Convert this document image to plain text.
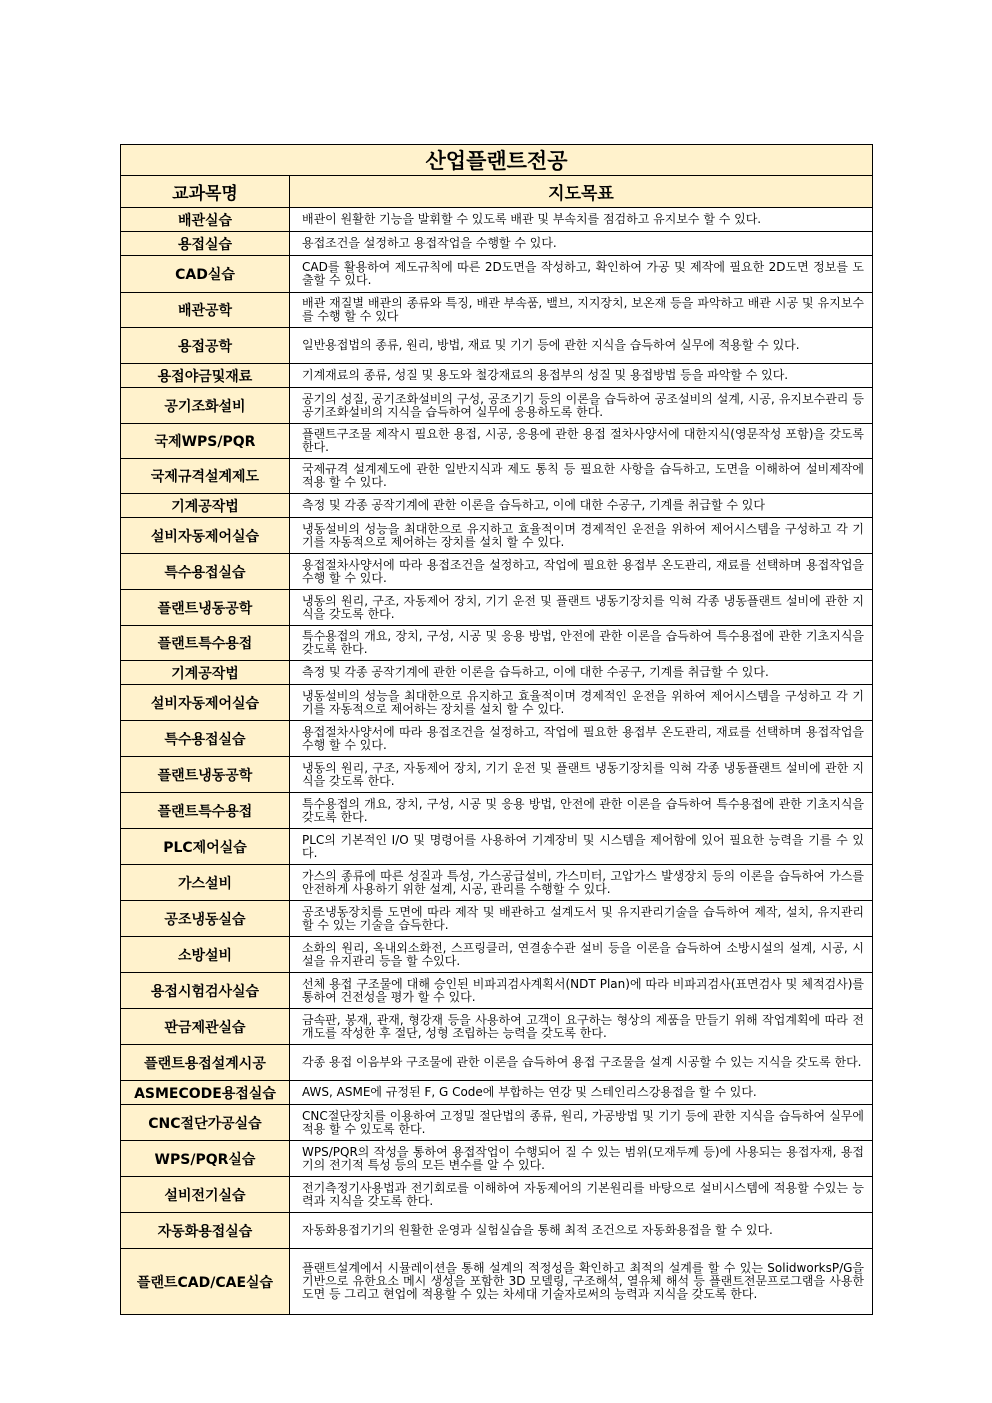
산업플랜트전공	
교과목명	지도목표
배관실습	배관이 원활한 기능을 발휘할 수 있도록 배관 및 부속치를 점검하고 유지보수 할 수 있다.
용접실습	용접조건을 설정하고 용접작업을 수행할 수 있다.
CAD실습	CAD를 활용하여 제도규칙에 따른 2D도면을 작성하고, 확인하여 가공 및 제작에 필요한 2D도면 정보를 도출할 수 있다.
배관공학	배관 재질별 배관의 종류와 특징, 배관 부속품, 밸브, 지지장치, 보온재 등을 파악하고 배관 시공 및 유지보수를 수행 할 수 있다
용접공학	일반용접법의 종류, 원리, 방법, 재료 및 기기 등에 관한 지식을 습득하여 실무에 적용할 수 있다.
용접야금및재료	기계재료의 종류, 성질 및 용도와 철강재료의 용접부의 성질 및 용접방법 등을 파악할 수 있다.
공기조화설비	공기의 성질, 공기조화설비의 구성, 공조기기 등의 이론을 습득하여 공조설비의 설계, 시공, 유지보수관리 등 공기조화설비의 지식을 습득하여 실무에 응용하도록 한다.
국제WPS/PQR	플랜트구조물 제작시 필요한 용접, 시공, 응용에 관한 용접 절차사양서에 대한지식(영문작성 포함)을 갖도록 한다.
국제규격설계제도	국제규격 설계제도에 관한 일반지식과 제도 통칙 등 필요한 사항을 습득하고, 도면을 이해하여 설비제작에 적용 할 수 있다.
기계공작법	측정 및 각종 공작기계에 관한 이론을 습득하고, 이에 대한 수공구, 기계를 취급할 수 있다
설비자동제어실습	냉동설비의 성능을 최대한으로 유지하고 효율적이며 경제적인 운전을 위하여 제어시스템을 구성하고 각 기기를 자동적으로 제어하는 장치를 설치 할 수 있다.
특수용접실습	용접절차사양서에 따라 용접조건을 설정하고, 작업에 필요한 용접부 온도관리, 재료를 선택하며 용접작업을 수행 할 수 있다.
플랜트냉동공학	냉동의 원리, 구조, 자동제어 장치, 기기 운전 및 플랜트 냉동기장치를 익혀 각종 냉동플랜트 설비에 관한 지식을 갖도록 한다.
플랜트특수용접	특수용접의 개요, 장치, 구성, 시공 및 응용 방법, 안전에 관한 이론을 습득하여 특수용접에 관한 기초지식을 갖도록 한다.
기계공작법	측정 및 각종 공작기계에 관한 이론을 습득하고, 이에 대한 수공구, 기계를 취급할 수 있다.
설비자동제어실습	냉동설비의 성능을 최대한으로 유지하고 효율적이며 경제적인 운전을 위하여 제어시스템을 구성하고 각 기기를 자동적으로 제어하는 장치를 설치 할 수 있다.
특수용접실습	용접절차사양서에 따라 용접조건을 설정하고, 작업에 필요한 용접부 온도관리, 재료를 선택하며 용접작업을 수행 할 수 있다.
플랜트냉동공학	냉동의 원리, 구조, 자동제어 장치, 기기 운전 및 플랜트 냉동기장치를 익혀 각종 냉동플랜트 설비에 관한 지식을 갖도록 한다.
플랜트특수용접	특수용접의 개요, 장치, 구성, 시공 및 응용 방법, 안전에 관한 이론을 습득하여 특수용접에 관한 기초지식을 갖도록 한다.
PLC제어실습	PLC의 기본적인 I/O 및 명령어를 사용하여 기계장비 및 시스템을 제어함에 있어 필요한 능력을 기를 수 있다.
가스설비	가스의 종류에 따른 성질과 특성, 가스공급설비, 가스미터, 고압가스 발생장치 등의 이론을 습득하여 가스를 안전하게 사용하기 위한 설계, 시공, 관리를 수행할 수 있다.
공조냉동실습	공조냉동장치를 도면에 따라 제작 및 배관하고 설계도서 및 유지관리기술을 습득하여 제작, 설치, 유지관리할 수 있는 기술을 습득한다.
소방설비	소화의 원리, 옥내외소화전, 스프링클러, 연결송수관 설비 등을 이론을 습득하여 소방시설의 설계, 시공, 시설을 유지관리 등을 할 수있다.
용접시험검사실습	선체 용접 구조물에 대해 승인된 비파괴검사계획서(NDT Plan)에 따라 비파괴검사(표면검사 및 체적검사)를 통하여 건전성을 평가 할 수 있다.
판금제관실습	금속판, 봉재, 관재, 형강재 등을 사용하여 고객이 요구하는 형상의 제품을 만들기 위해 작업계획에 따라 전개도를 작성한 후 절단, 성형 조립하는 능력을 갖도록 한다.
플랜트용접설계시공	각종 용접 이음부와 구조물에 관한 이론을 습득하여 용접 구조물을 설계 시공할 수 있는 지식을 갖도록 한다.
ASMECODE용접실습	AWS, ASME에 규정된 F, G Code에 부합하는 연강 및 스테인리스강용접을 할 수 있다.
CNC절단가공실습	CNC절단장치를 이용하여 고정밀 절단법의 종류, 원리, 가공방법 및 기기 등에 관한 지식을 습득하여 실무에 적용 할 수 있도록 한다.
WPS/PQR실습	WPS/PQR의 작성을 통하여 용접작업이 수행되어 질 수 있는 범위(모재두께 등)에 사용되는 용접자재, 용접기의 전기적 특성 등의 모든 변수를 알 수 있다.
설비전기실습	전기측정기사용법과 전기회로를 이해하여 자동제어의 기본원리를 바탕으로 설비시스템에 적용할 수있는 능력과 지식을 갖도록 한다.
자동화용접실습	자동화용접기기의 원활한 운영과 실험실습을 통해 최적 조건으로 자동화용접을 할 수 있다.
플랜트CAD/CAE실습	플랜트설계에서 시뮬레이션을 통해 설계의 적정성을 확인하고 최적의 설계를 할 수 있는 SolidworksP/G을 기반으로 유한요소 메시 생성을 포함한 3D 모델링, 구조해석, 열유체 해석 등 플랜트전문프로그램을 사용한 도면 등 그리고 현업에 적용할 수 있는 차세대 기술자로써의 능력과 지식을 갖도록 한다.
